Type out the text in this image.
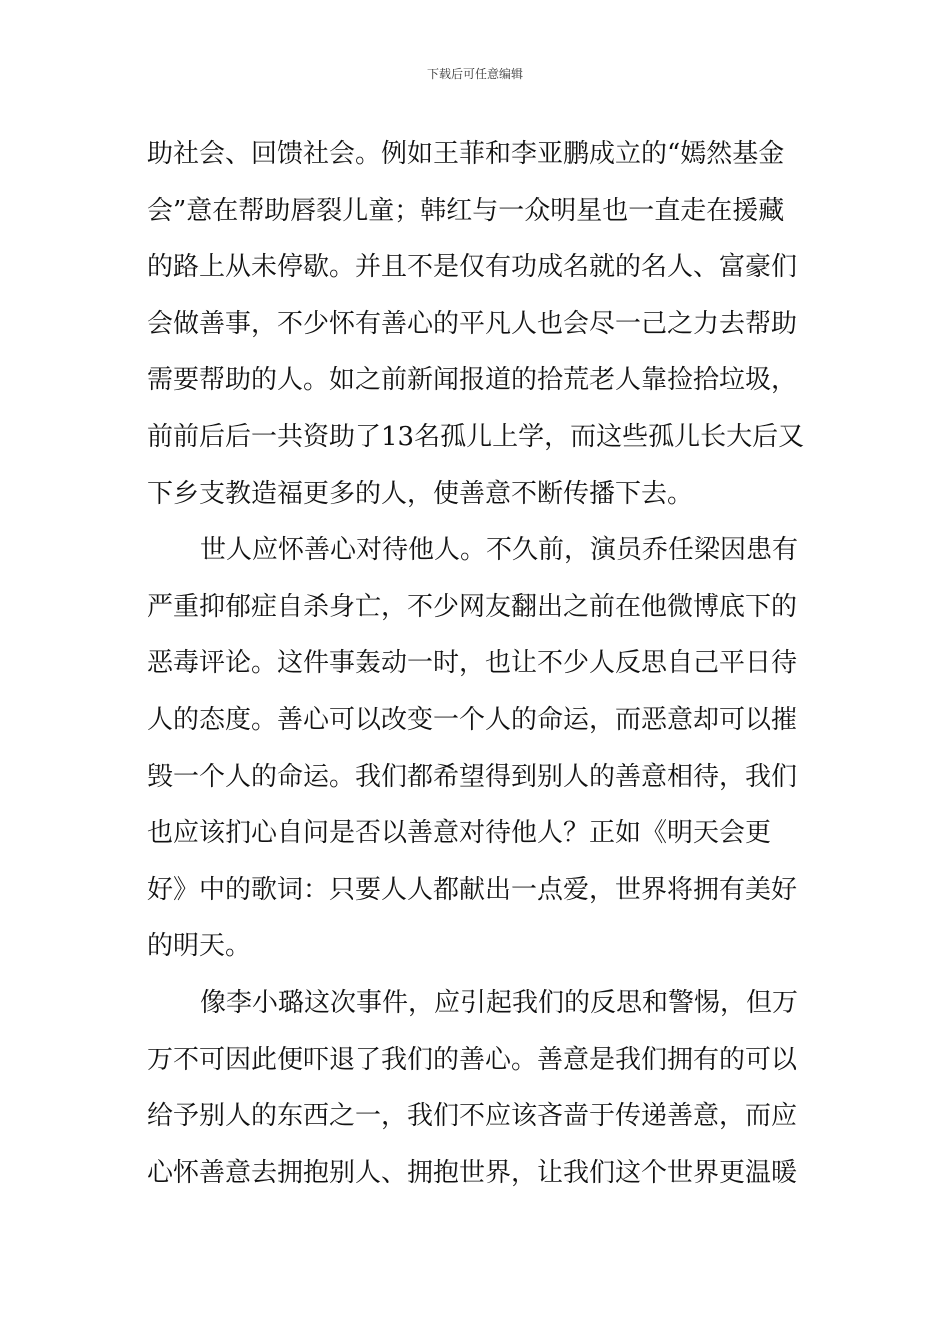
下载后可任意编辑
助社会、回馈社会。例如王菲和李亚鹏成立的“嫣然基金
会”意在帮助唇裂儿童；韩红与一众明星也一直走在援藏
的路上从未停歇。并且不是仅有功成名就的名人、富豪们
会做善事，不少怀有善心的平凡人也会尽一己之力去帮助
需要帮助的人。如之前新闻报道的拾荒老人靠捡拾垃圾，
前前后后一共资助了13名孤儿上学，而这些孤儿长大后又
下乡支教造福更多的人，使善意不断传播下去。
世人应怀善心对待他人。不久前，演员乔任梁因患有
严重抑郁症自杀身亡，不少网友翻出之前在他微博底下的
恶毒评论。这件事轰动一时，也让不少人反思自己平日待
人的态度。善心可以改变一个人的命运，而恶意却可以摧
毁一个人的命运。我们都希望得到别人的善意相待，我们
也应该扪心自问是否以善意对待他人？正如《明天会更
好》中的歌词：只要人人都献出一点爱，世界将拥有美好
的明天。
像李小璐这次事件，应引起我们的反思和警惕，但万
万不可因此便吓退了我们的善心。善意是我们拥有的可以
给予别人的东西之一，我们不应该吝啬于传递善意，而应
心怀善意去拥抱别人、拥抱世界，让我们这个世界更温暖
